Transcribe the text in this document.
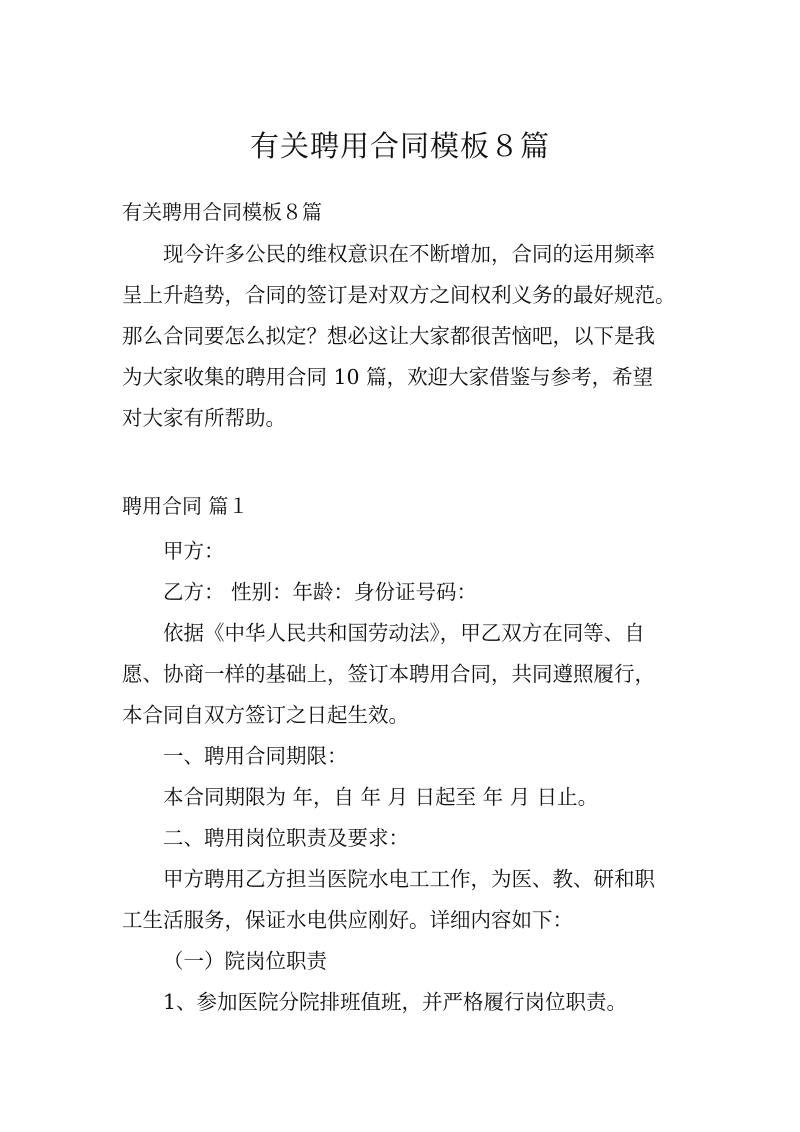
有关聘用合同模板８篇
有关聘用合同模板８篇
现今许多公民的维权意识在不断增加，合同的运用频率
呈上升趋势，合同的签订是对双方之间权利义务的最好规范。
那么合同要怎么拟定？想必这让大家都很苦恼吧，以下是我
为大家收集的聘用合同 10 篇，欢迎大家借鉴与参考，希望
对大家有所帮助。
聘用合同 篇１
甲方：
乙方： 性别：年龄：身份证号码：
依据《中华人民共和国劳动法》，甲乙双方在同等、自
愿、协商一样的基础上，签订本聘用合同，共同遵照履行，
本合同自双方签订之日起生效。
一、聘用合同期限：
本合同期限为 年，自 年 月 日起至 年 月 日止。
二、聘用岗位职责及要求：
甲方聘用乙方担当医院水电工工作，为医、教、研和职
工生活服务，保证水电供应刚好。详细内容如下：
（一）院岗位职责
1、参加医院分院排班值班，并严格履行岗位职责。
